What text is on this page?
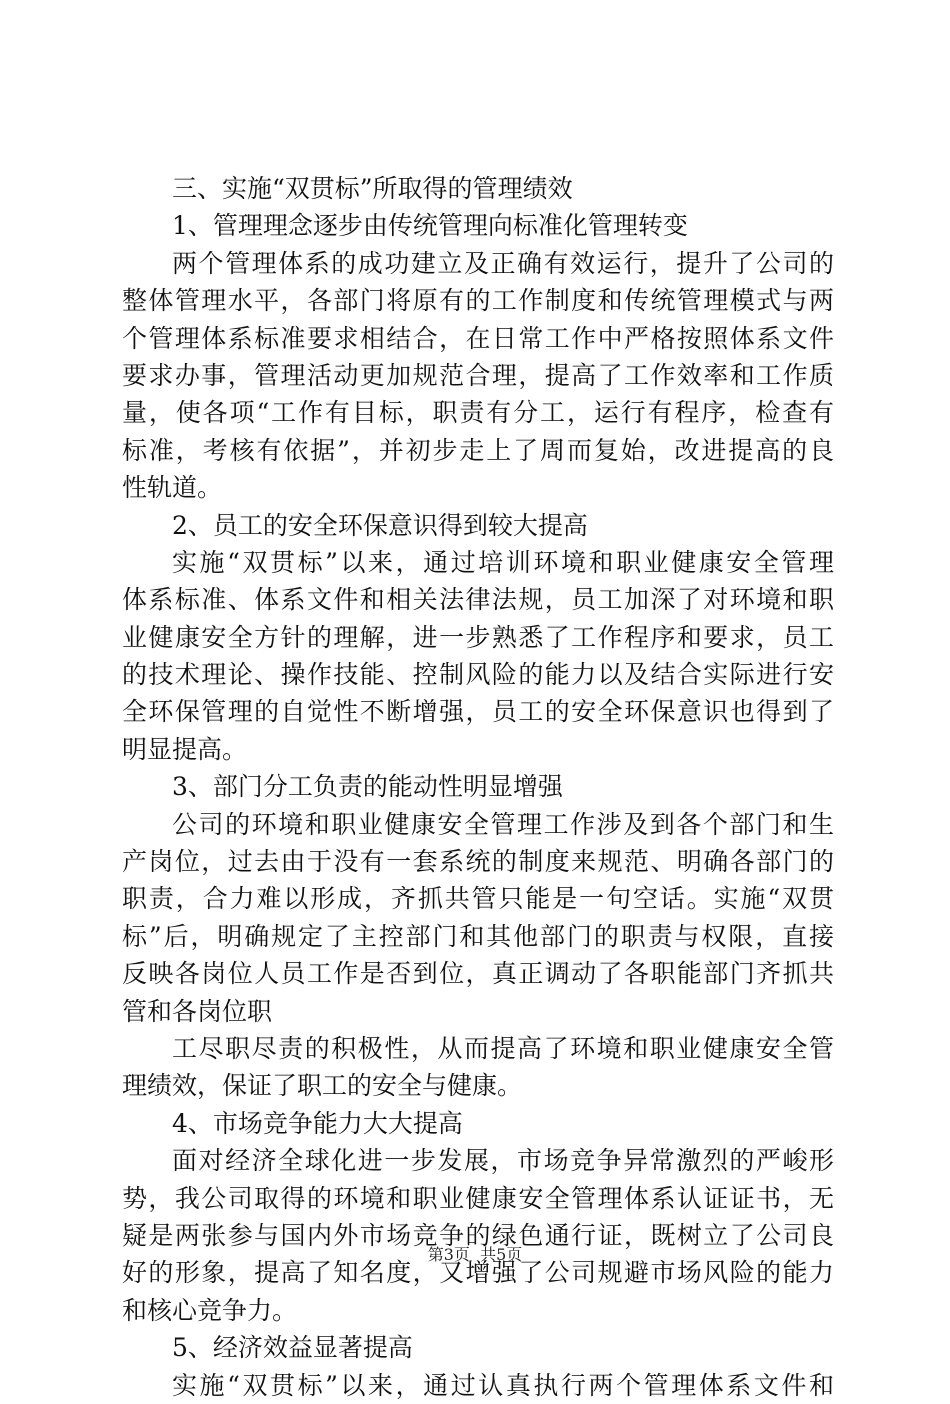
三、实施“双贯标”所取得的管理绩效
1、管理理念逐步由传统管理向标准化管理转变
两个管理体系的成功建立及正确有效运行，提升了公司的
整体管理水平，各部门将原有的工作制度和传统管理模式与两
个管理体系标准要求相结合，在日常工作中严格按照体系文件
要求办事，管理活动更加规范合理，提高了工作效率和工作质
量，使各项“工作有目标，职责有分工，运行有程序，检查有
标准，考核有依据”，并初步走上了周而复始，改进提高的良
性轨道。
2、员工的安全环保意识得到较大提高
实施“双贯标”以来，通过培训环境和职业健康安全管理
体系标准、体系文件和相关法律法规，员工加深了对环境和职
业健康安全方针的理解，进一步熟悉了工作程序和要求，员工
的技术理论、操作技能、控制风险的能力以及结合实际进行安
全环保管理的自觉性不断增强，员工的安全环保意识也得到了
明显提高。
3、部门分工负责的能动性明显增强
公司的环境和职业健康安全管理工作涉及到各个部门和生
产岗位，过去由于没有一套系统的制度来规范、明确各部门的
职责，合力难以形成，齐抓共管只能是一句空话。实施“双贯
标”后，明确规定了主控部门和其他部门的职责与权限，直接
反映各岗位人员工作是否到位，真正调动了各职能部门齐抓共
管和各岗位职
工尽职尽责的积极性，从而提高了环境和职业健康安全管
理绩效，保证了职工的安全与健康。
4、市场竞争能力大大提高
面对经济全球化进一步发展，市场竞争异常激烈的严峻形
势，我公司取得的环境和职业健康安全管理体系认证证书，无
疑是两张参与国内外市场竞争的绿色通行证，既树立了公司良
好的形象，提高了知名度，又增强了公司规避市场风险的能力
和核心竞争力。
5、经济效益显著提高
实施“双贯标”以来，通过认真执行两个管理体系文件和
第3页  共5页
